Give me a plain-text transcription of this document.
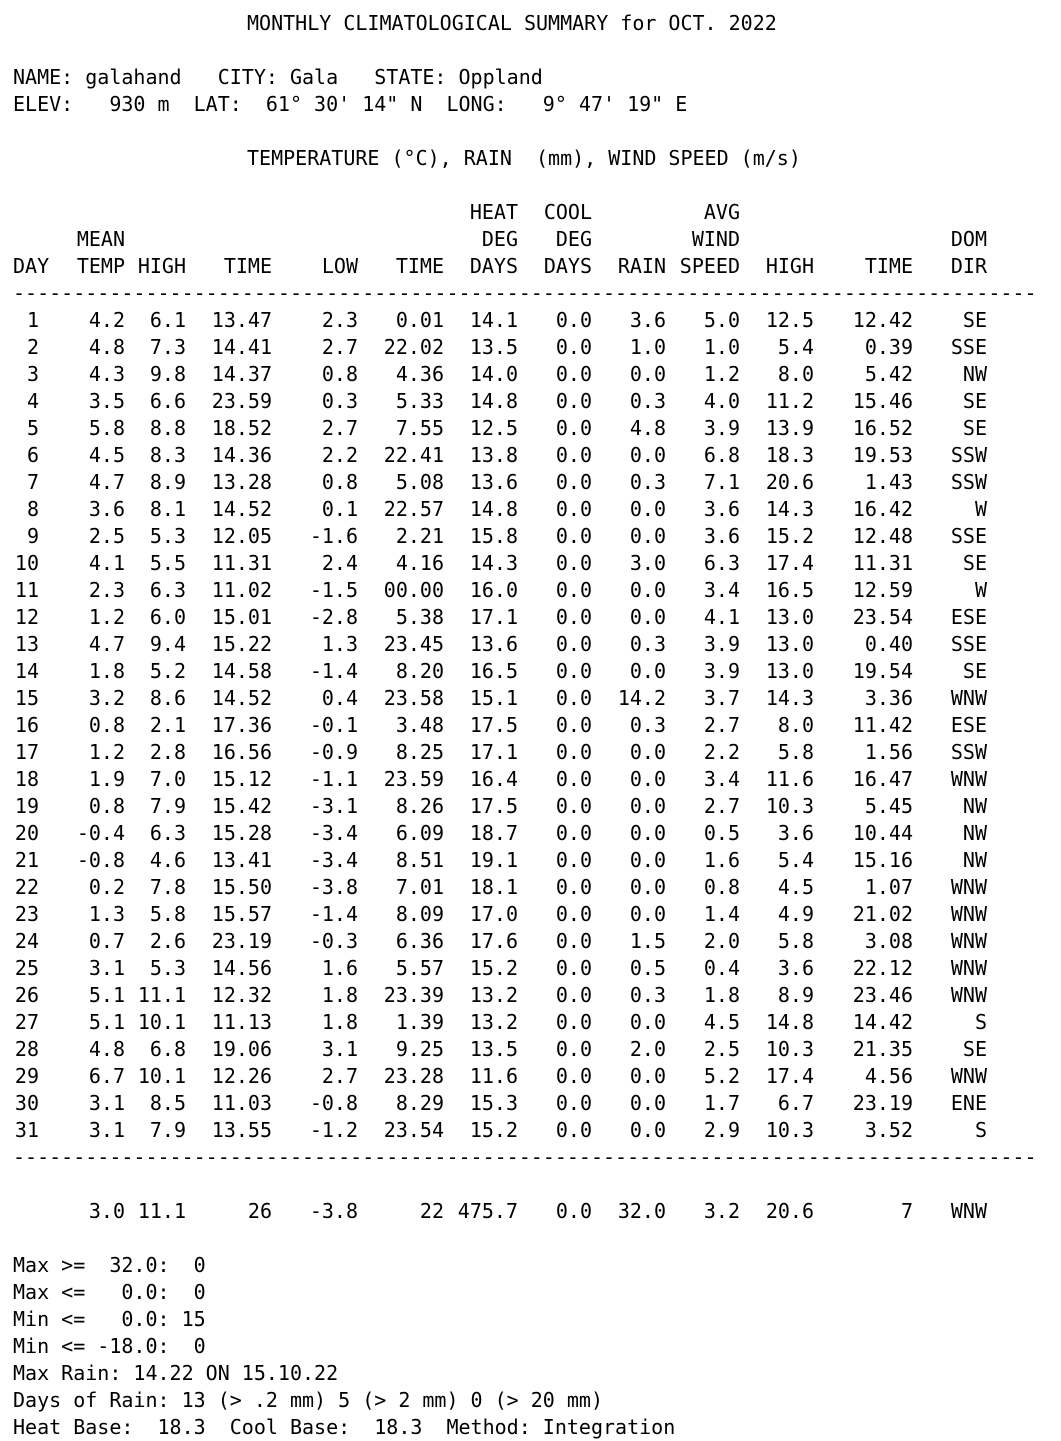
MONTHLY CLIMATOLOGICAL SUMMARY for OCT. 2022
NAME: galahand   CITY: Gala   STATE: Oppland
ELEV:   930 m  LAT:  61° 30' 14" N  LONG:   9° 47' 19" E
TEMPERATURE (°C), RAIN  (mm), WIND SPEED (m/s)
HEAT COOL	AVG
MEAN	DEG DEG	WIND	DOM
DAY TEMP HIGH TIME LOW TIME DAYS DAYS RAIN SPEED HIGH	TIME DIR
-------------------------------------------------------------------------------------
1 4.2 6.1 13.47 2.3 0.01 14.1 0.0 3.6 5.0 12.5 12.42 SE
2 4.8 7.3 14.41 2.7 22.02 13.5 0.0 1.0 1.0 5.4	0.39 SSE
3 4.3 9.8 14.37 0.8 4.36 14.0 0.0 0.0 1.2 8.0	5.42 NW
4 3.5 6.6 23.59 0.3 5.33 14.8 0.0 0.3 4.0 11.2 15.46 SE
5 5.8 8.8 18.52 2.7 7.55 12.5 0.0 4.8 3.9 13.9 16.52 SE
6 4.5 8.3 14.36 2.2 22.41 13.8 0.0 0.0 6.8 18.3 19.53 SSW
7 4.7 8.9 13.28 0.8 5.08 13.6 0.0 0.3 7.1 20.6	1.43 SSW
8 3.6 8.1 14.52 0.1 22.57 14.8 0.0 0.0 3.6 14.3 16.42	W
9 2.5 5.3 12.05 -1.6 2.21 15.8 0.0 0.0 3.6 15.2 12.48 SSE
10 4.1 5.5 11.31 2.4 4.16 14.3 0.0 3.0 6.3 17.4 11.31 SE
11 2.3 6.3 11.02 -1.5 00.00 16.0 0.0 0.0 3.4 16.5 12.59	W
12 1.2 6.0 15.01 -2.8 5.38 17.1 0.0 0.0 4.1 13.0 23.54 ESE
13 4.7 9.4 15.22 1.3 23.45 13.6 0.0 0.3 3.9 13.0	0.40 SSE
14 1.8 5.2 14.58 -1.4 8.20 16.5 0.0 0.0 3.9 13.0 19.54 SE
15 3.2 8.6 14.52 0.4 23.58 15.1 0.0 14.2 3.7 14.3	3.36 WNW
16 0.8 2.1 17.36 -0.1 3.48 17.5 0.0 0.3 2.7 8.0 11.42 ESE
17 1.2 2.8 16.56 -0.9 8.25 17.1 0.0 0.0 2.2 5.8	1.56 SSW
18 1.9 7.0 15.12 -1.1 23.59 16.4 0.0 0.0 3.4 11.6 16.47 WNW
19 0.8 7.9 15.42 -3.1 8.26 17.5 0.0 0.0 2.7 10.3	5.45 NW
20 -0.4 6.3 15.28 -3.4 6.09 18.7 0.0 0.0 0.5 3.6 10.44 NW
21 -0.8 4.6 13.41 -3.4 8.51 19.1 0.0 0.0 1.6 5.4 15.16 NW
22 0.2 7.8 15.50 -3.8 7.01 18.1 0.0 0.0 0.8 4.5	1.07 WNW
23 1.3 5.8 15.57 -1.4 8.09 17.0 0.0 0.0 1.4 4.9 21.02 WNW
24 0.7 2.6 23.19 -0.3 6.36 17.6 0.0 1.5 2.0 5.8	3.08 WNW
25 3.1 5.3 14.56 1.6 5.57 15.2 0.0 0.5 0.4 3.6 22.12 WNW
26 5.1 11.1 12.32 1.8 23.39 13.2 0.0 0.3 1.8 8.9 23.46 WNW
27 5.1 10.1 11.13 1.8 1.39 13.2 0.0 0.0 4.5 14.8 14.42	S
28 4.8 6.8 19.06 3.1 9.25 13.5 0.0 2.0 2.5 10.3 21.35 SE
29 6.7 10.1 12.26 2.7 23.28 11.6 0.0 0.0 5.2 17.4	4.56 WNW
30 3.1 8.5 11.03 -0.8 8.29 15.3 0.0 0.0 1.7 6.7 23.19 ENE
31 3.1 7.9 13.55 -1.2 23.54 15.2 0.0 0.0 2.9 10.3	3.52	S
-------------------------------------------------------------------------------------
3.0 11.1	26 -3.8	22 475.7 0.0 32.0 3.2 20.6	7 WNW
Max >=  32.0:  0
Max <=   0.0:  0
Min <=   0.0: 15
Min <= -18.0:  0
Max Rain: 14.22 ON 15.10.22
Days of Rain: 13 (> .2 mm) 5 (> 2 mm) 0 (> 20 mm)
Heat Base:  18.3  Cool Base:  18.3  Method: Integration
